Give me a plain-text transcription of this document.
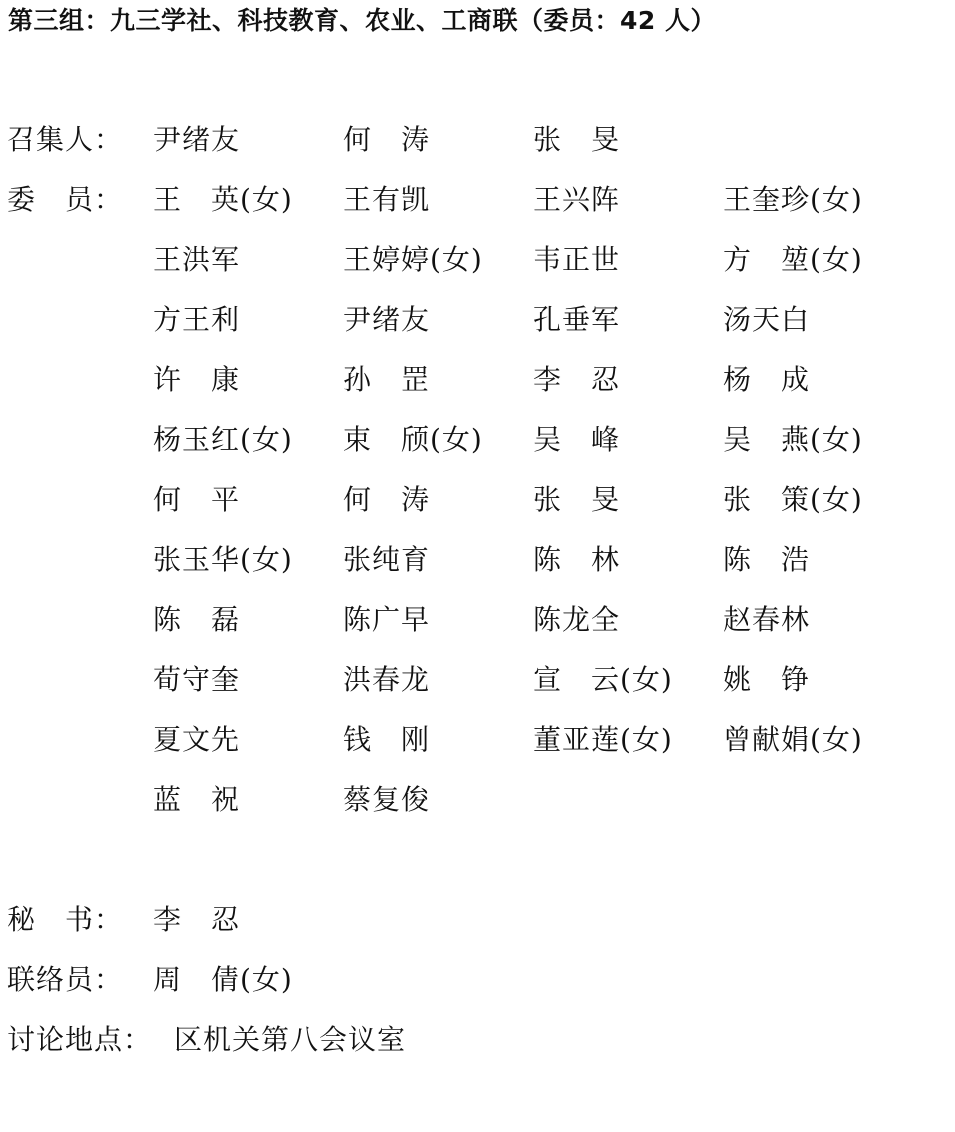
第三组：九三学社、科技教育、农业、工商联（委员：42 人）
召集人： 尹绪友	何　涛	张　旻
委　员： 王　英(女) 王有凯	王兴阵	王奎珍(女)
王洪军	王婷婷(女) 韦正世	方　堃(女)
方王利	尹绪友	孔垂军	汤天白
许　康	孙　罡	李　忍	杨　成
杨玉红(女) 束　颀(女) 吴　峰	吴　燕(女)
何　平	何　涛	张　旻	张　策(女)
张玉华(女) 张纯育	陈　林	陈　浩
陈　磊	陈广早	陈龙全	赵春林
荀守奎	洪春龙	宣　云(女) 姚　铮
夏文先	钱　刚	董亚莲(女) 曾献娟(女)
蓝　祝	蔡复俊
秘　书： 李　忍
联络员： 周　倩(女)
讨论地点： 区机关第八会议室
